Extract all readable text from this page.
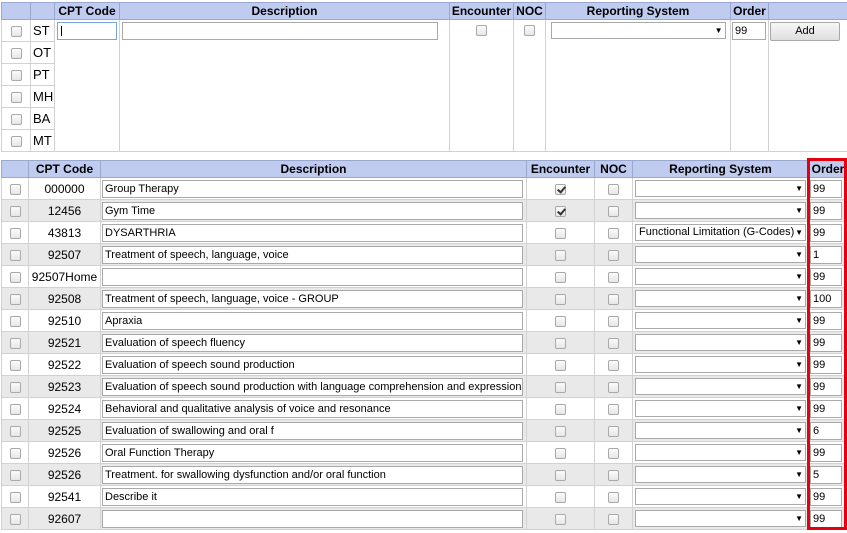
		CPT Code	Description	Encounter	NOC	Reporting System	Order	
	ST					▼	99	Add

	OT							
	PT							
	MH							
	BA							
	MT							
	CPT Code	Description	Encounter	NOC	Reporting System	Order
	000000	Group Therapy			▼	99

	12456	Gym Time			▼	99

	43813	DYSARTHRIA			Functional Limitation (G-Codes) ▼	99

	92507	Treatment of speech, language, voice			▼	1

	92507Home				▼	99

	92508	Treatment of speech, language, voice - GROUP			▼	100

	92510	Apraxia			▼	99

	92521	Evaluation of speech fluency			▼	99

	92522	Evaluation of speech sound production			▼	99

	92523	Evaluation of speech sound production with language comprehension and expression			▼	99

	92524	Behavioral and qualitative analysis of voice and resonance			▼	99

	92525	Evaluation of swallowing and oral f			▼	6

	92526	Oral Function Therapy			▼	99

	92526	Treatment. for swallowing dysfunction and/or oral function			▼	5

	92541	Describe it			▼	99

	92607				▼	99
